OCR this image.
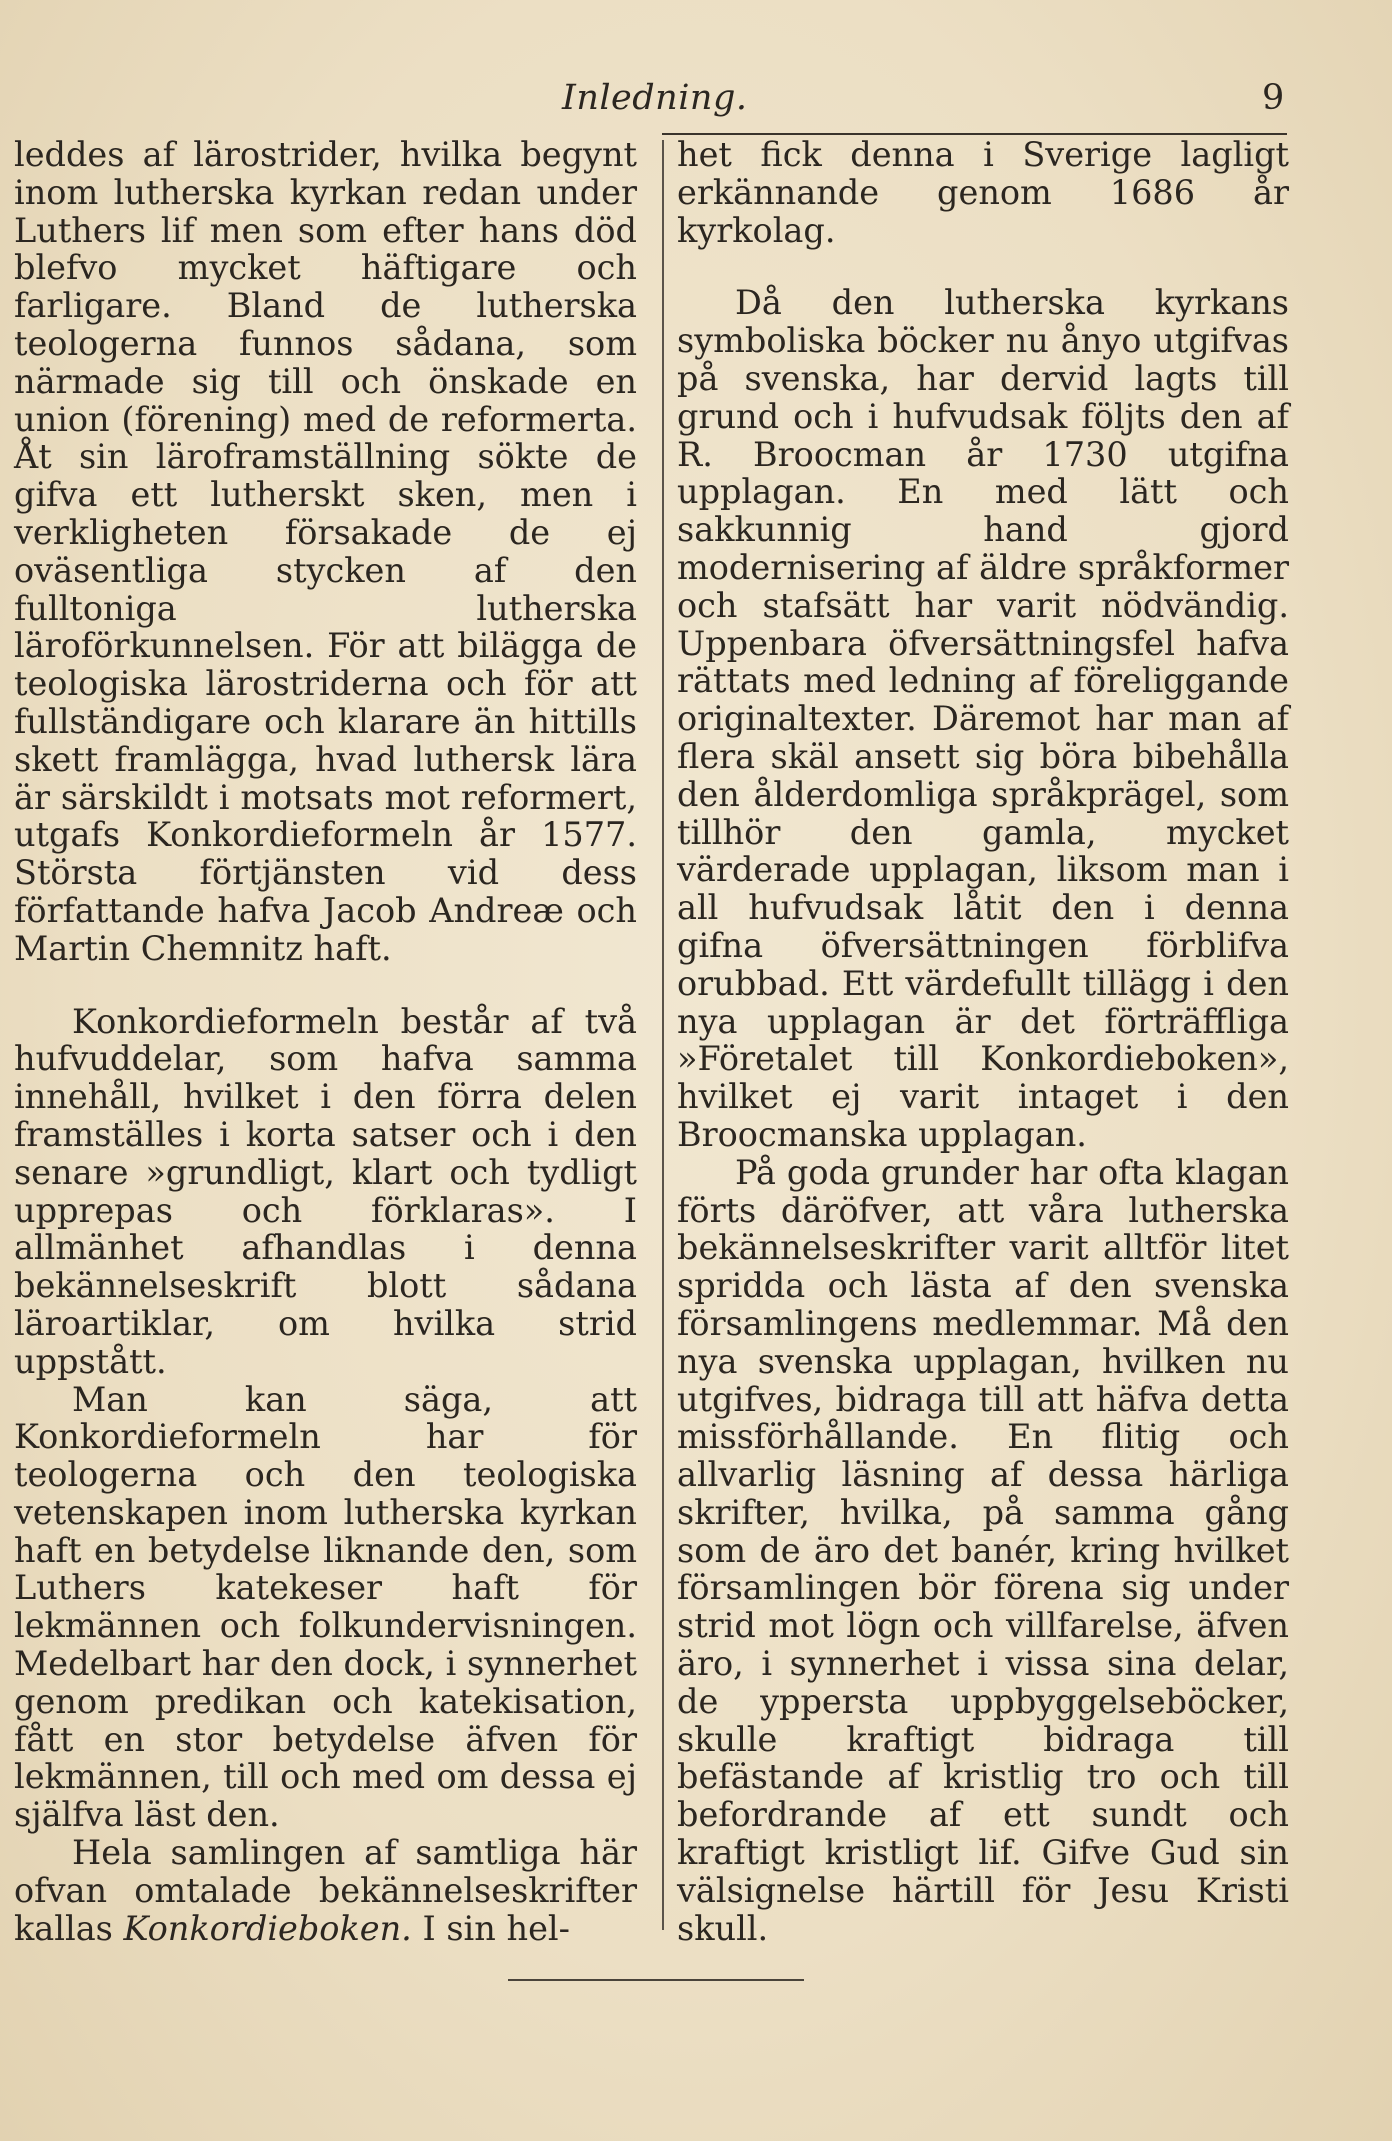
Inledning.	9

leddes af lärostrider, hvilka begynt inom lutherska kyrkan redan under Luthers lif men som efter hans död blefvo mycket häftigare och farligare. Bland de lutherska teologerna funnos sådana, som närmade sig till och önskade en union (förening) med de reformerta. Åt sin läroframställning sökte de gifva ett lutherskt sken, men i verkligheten försakade de ej oväsentliga stycken af den fulltoniga lutherska läroförkunnelsen. För att bilägga de teologiska lärostriderna och för att fullständigare och klarare än hittills skett framlägga, hvad luthersk lära är särskildt i motsats mot reformert, utgafs Konkordieformeln år 1577. Största förtjänsten vid dess författande hafva Jacob Andreæ och Martin Chemnitz haft.

Konkordieformeln består af två hufvuddelar, som hafva samma innehåll, hvilket i den förra delen framställes i korta satser och i den senare »grundligt, klart och tydligt upprepas och förklaras». I allmänhet afhandlas i denna bekännelseskrift blott sådana läroartiklar, om hvilka strid uppstått.

Man kan säga, att Konkordieformeln har för teologerna och den teologiska vetenskapen inom lutherska kyrkan haft en betydelse liknande den, som Luthers katekeser haft för lekmännen och folkundervisningen. Medelbart har den dock, i synnerhet genom predikan och katekisation, fått en stor betydelse äfven för lekmännen, till och med om dessa ej själfva läst den.

Hela samlingen af samtliga här ofvan omtalade bekännelseskrifter kallas Konkordieboken. I sin hel-

het fick denna i Sverige lagligt erkännande genom 1686 år kyrkolag.

Då den lutherska kyrkans symboliska böcker nu ånyo utgifvas på svenska, har dervid lagts till grund och i hufvudsak följts den af R. Broocman år 1730 utgifna upplagan. En med lätt och sakkunnig hand gjord modernisering af äldre språkformer och stafsätt har varit nödvändig. Uppenbara öfversättningsfel hafva rättats med ledning af föreliggande originaltexter. Däremot har man af flera skäl ansett sig böra bibehålla den ålderdomliga språkprägel, som tillhör den gamla, mycket värderade upplagan, liksom man i all hufvudsak låtit den i denna gifna öfversättningen förblifva orubbad. Ett värdefullt tillägg i den nya upplagan är det förträffliga »Företalet till Konkordieboken», hvilket ej varit intaget i den Broocmanska upplagan.

På goda grunder har ofta klagan förts däröfver, att våra lutherska bekännelseskrifter varit alltför litet spridda och lästa af den svenska församlingens medlemmar. Må den nya svenska upplagan, hvilken nu utgifves, bidraga till att häfva detta missförhållande. En flitig och allvarlig läsning af dessa härliga skrifter, hvilka, på samma gång som de äro det banér, kring hvilket församlingen bör förena sig under strid mot lögn och villfarelse, äfven äro, i synnerhet i vissa sina delar, de yppersta uppbyggelseböcker, skulle kraftigt bidraga till befästande af kristlig tro och till befordrande af ett sundt och kraftigt kristligt lif. Gifve Gud sin välsignelse härtill för Jesu Kristi skull.
